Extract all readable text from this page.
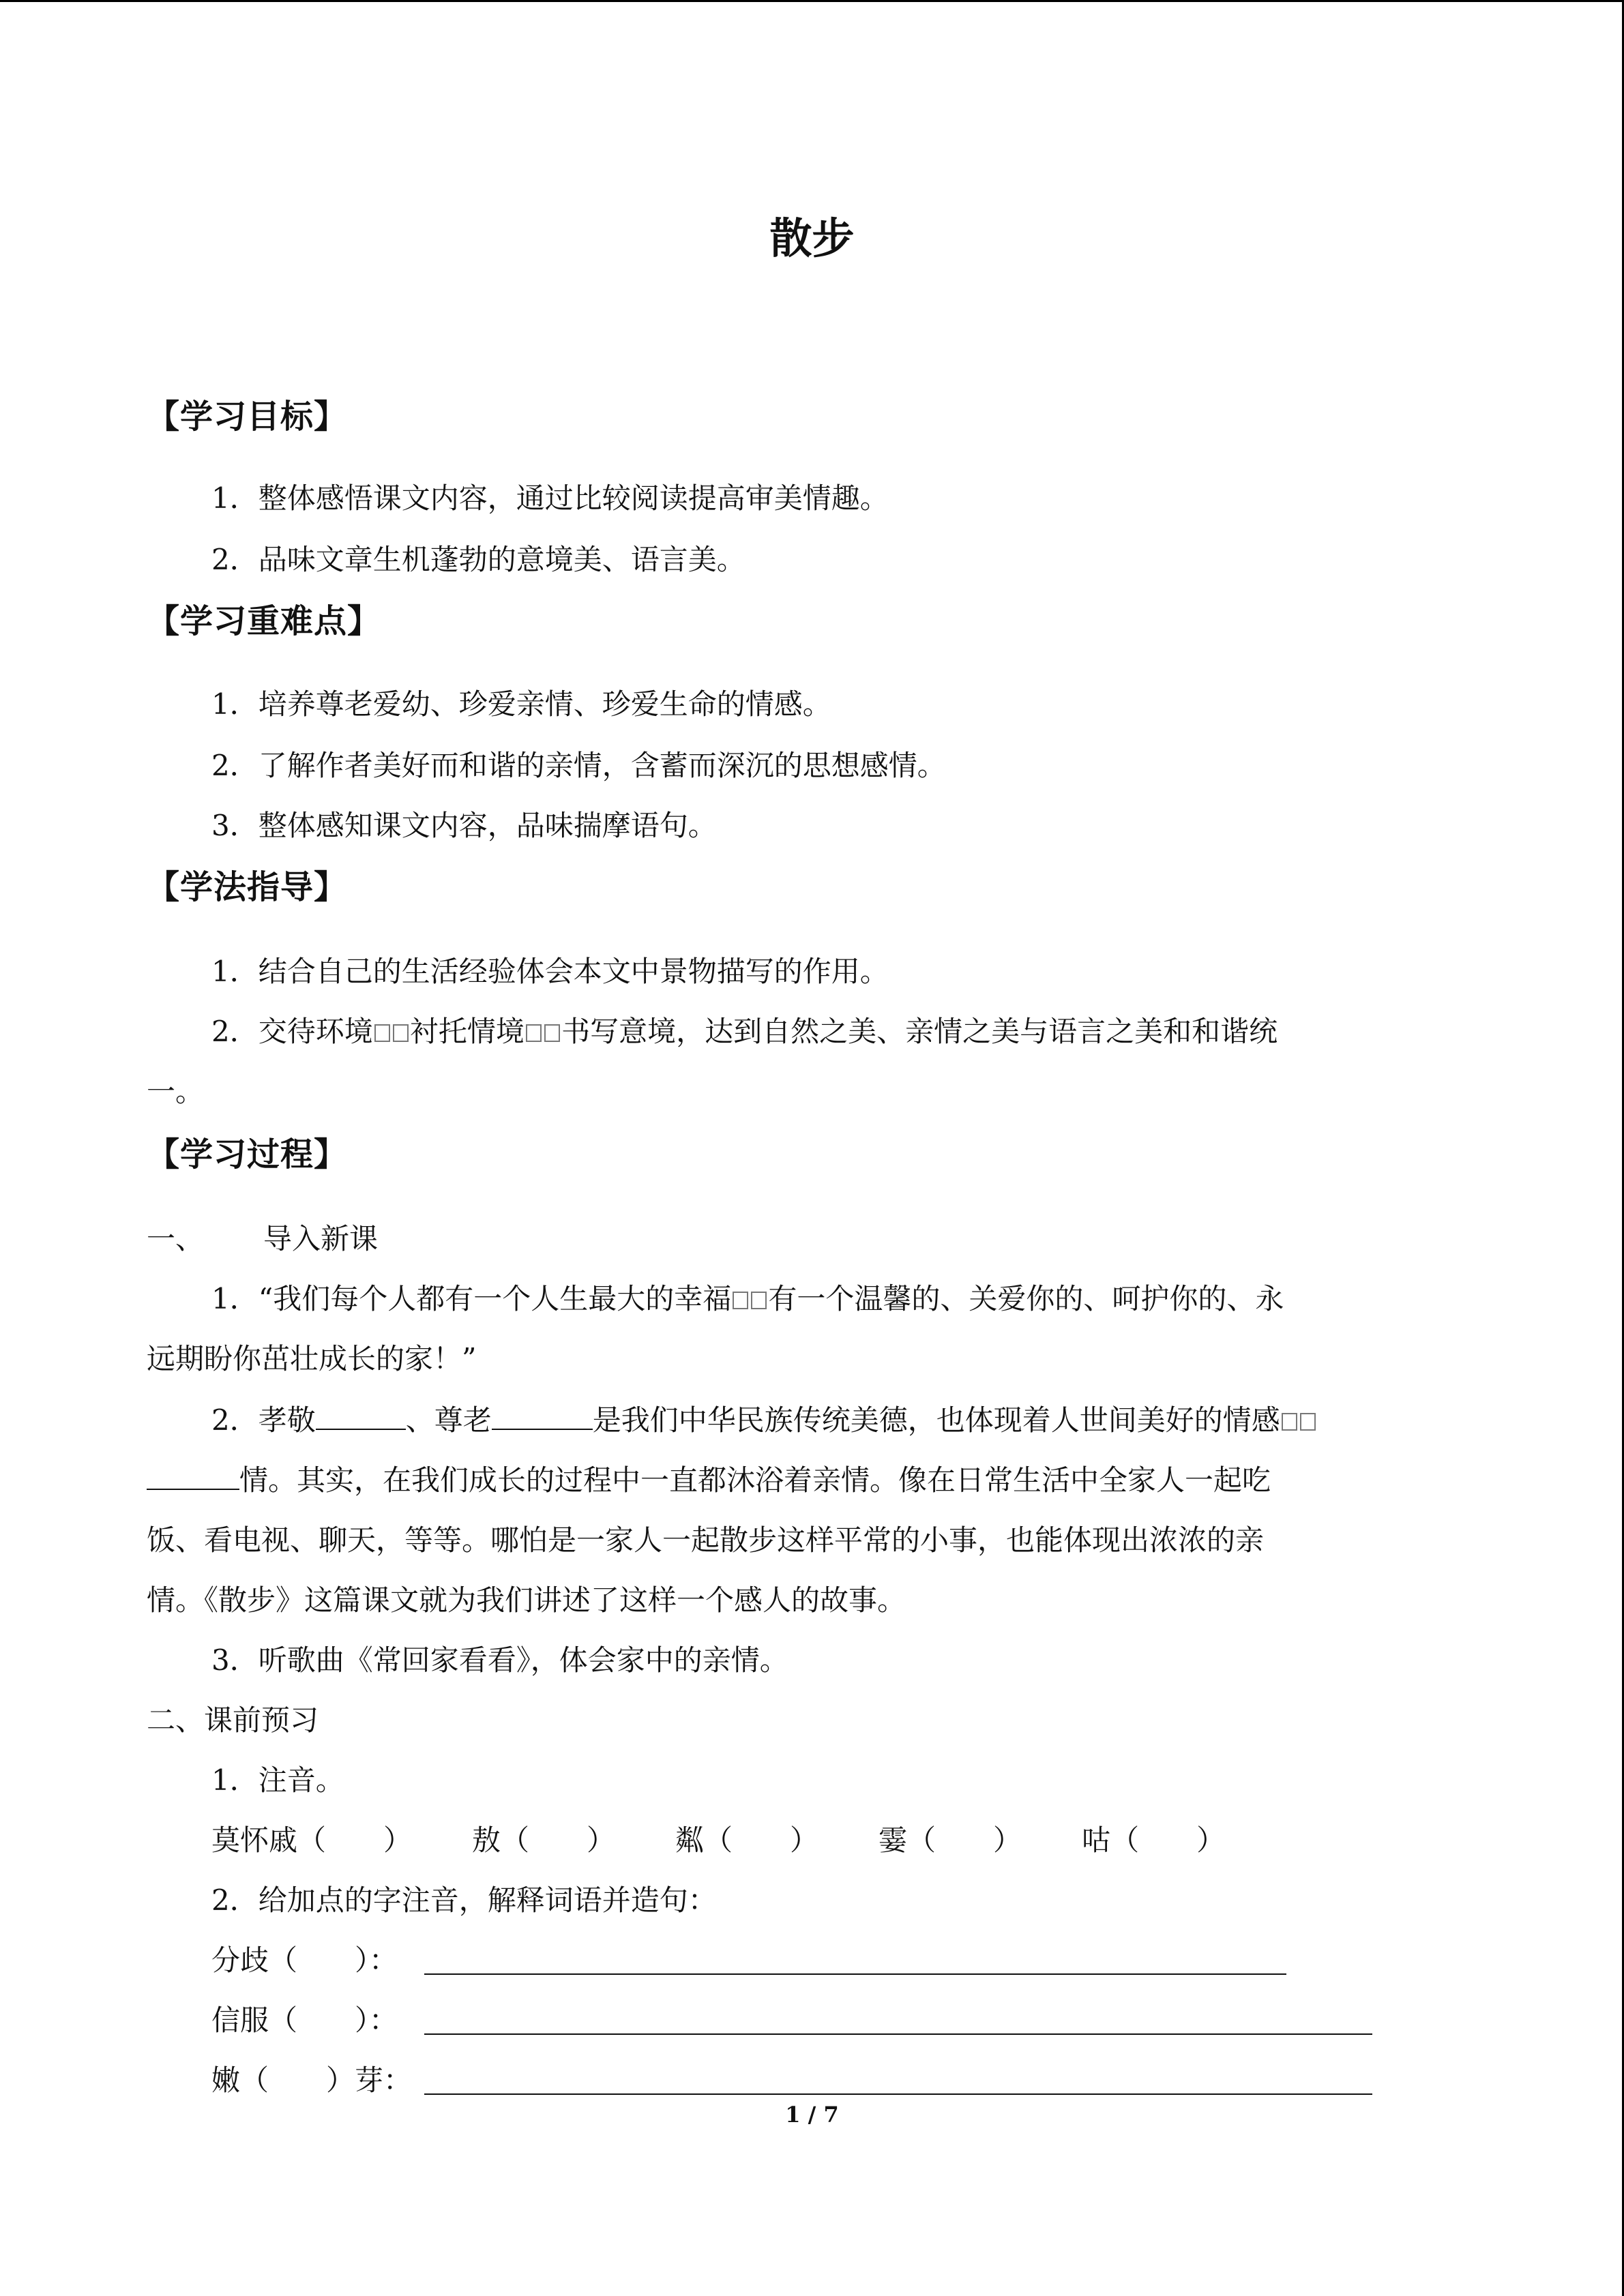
散步
【学习目标】
1．整体感悟课文内容，通过比较阅读提高审美情趣。
2．品味文章生机蓬勃的意境美、语言美。
【学习重难点】
1．培养尊老爱幼、珍爱亲情、珍爱生命的情感。
2．了解作者美好而和谐的亲情，含蓄而深沉的思想感情。
3．整体感知课文内容，品味揣摩语句。
【学法指导】
1．结合自己的生活经验体会本文中景物描写的作用。
2．交待环境 衬托情境 书写意境，达到自然之美、亲情之美与语言之美和和谐统
一。
【学习过程】
一、 导入新课
1．“我们每个人都有一个人生最大的幸福 有一个温馨的、关爱你的、呵护你的、永
远期盼你茁壮成长的家！”
2．孝敬	、尊老	是我们中华民族传统美德，也体现着人世间美好的情感
情。其实，在我们成长的过程中一直都沐浴着亲情。像在日常生活中全家人一起吃
饭、看电视、聊天，等等。哪怕是一家人一起散步这样平常的小事，也能体现出浓浓的亲
情。《散步》这篇课文就为我们讲述了这样一个感人的故事。
3．听歌曲《常回家看看》，体会家中的亲情。
二、课前预习
1．注音。
莫怀戚（　　） 敖（　　） 粼（　　） 霎（　　） 咕（　　）
2．给加点的字注音，解释词语并造句：
分歧（　　）：
信服（　　）：
嫩（　　）芽：
1 / 7
